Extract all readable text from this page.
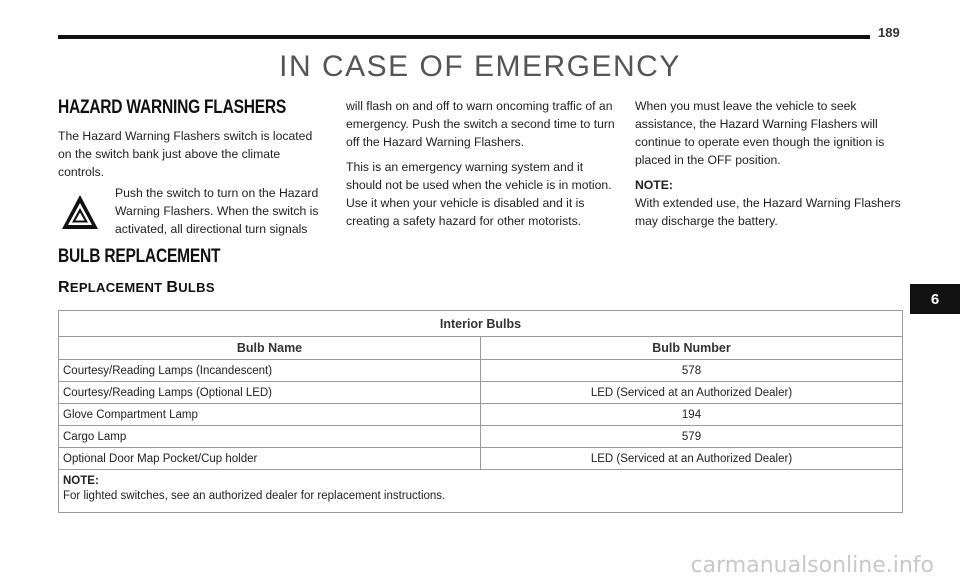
189
IN CASE OF EMERGENCY
HAZARD WARNING FLASHERS

The Hazard Warning Flashers switch is located on the switch bank just above the climate controls.

Push the switch to turn on the Hazard Warning Flashers. When the switch is activated, all directional turn signals

will flash on and off to warn oncoming traffic of an emergency. Push the switch a second time to turn off the Hazard Warning Flashers.

This is an emergency warning system and it should not be used when the vehicle is in motion. Use it when your vehicle is disabled and it is creating a safety hazard for other motorists.

When you must leave the vehicle to seek assistance, the Hazard Warning Flashers will continue to operate even though the ignition is placed in the OFF position.

NOTE:

With extended use, the Hazard Warning Flashers may discharge the battery.

BULB REPLACEMENT
REPLACEMENT BULBS
6
Interior Bulbs	
Bulb Name	Bulb Number
Courtesy/Reading Lamps (Incandescent)	578
Courtesy/Reading Lamps (Optional LED)	LED (Serviced at an Authorized Dealer)
Glove Compartment Lamp	194
Cargo Lamp	579
Optional Door Map Pocket/Cup holder	LED (Serviced at an Authorized Dealer)

NOTE:
For lighted switches, see an authorized dealer for replacement instructions.	
carmanualsonline.info
